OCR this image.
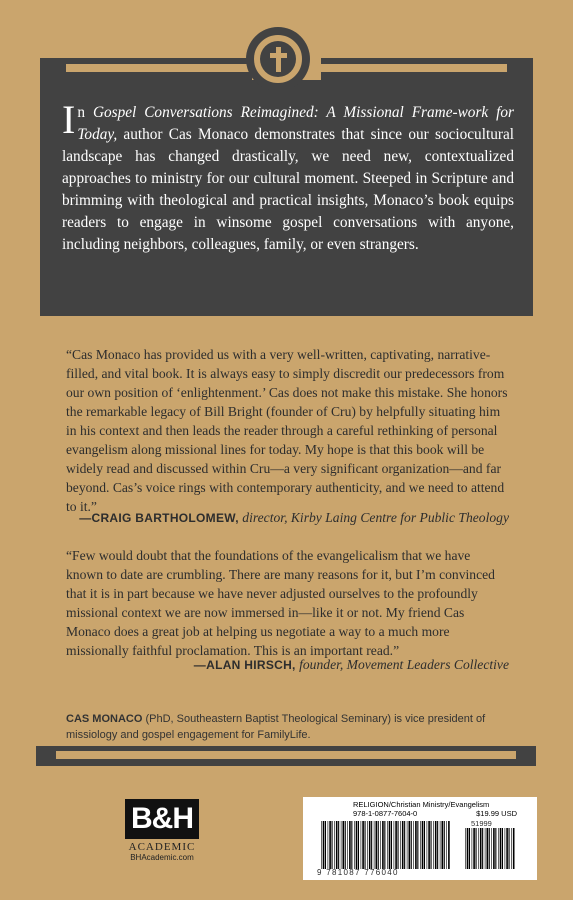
In Gospel Conversations Reimagined: A Missional Frame-work for Today, author Cas Monaco demonstrates that since our sociocultural landscape has changed drastically, we need new, contextualized approaches to ministry for our cultural moment. Steeped in Scripture and brimming with theological and practical insights, Monaco’s book equips readers to engage in winsome gospel conversations with anyone, including neighbors, colleagues, family, or even strangers.

“Cas Monaco has provided us with a very well-written, captivating, narrative-filled, and vital book. It is always easy to simply discredit our predecessors from our own position of ‘enlightenment.’ Cas does not make this mistake. She honors the remarkable legacy of Bill Bright (founder of Cru) by helpfully situating him in his context and then leads the reader through a careful rethinking of personal evangelism along missional lines for today. My hope is that this book will be widely read and discussed within Cru—a very significant organization—and far beyond. Cas’s voice rings with contemporary authenticity, and we need to attend to it.”

—CRAIG BARTHOLOMEW, director, Kirby Laing Centre for Public Theology

“Few would doubt that the foundations of the evangelicalism that we have known to date are crumbling. There are many reasons for it, but I’m convinced that it is in part because we have never adjusted ourselves to the profoundly missional context we are now immersed in—like it or not. My friend Cas Monaco does a great job at helping us negotiate a way to a much more missionally faithful proclamation. This is an important read.”

—ALAN HIRSCH, founder, Movement Leaders Collective

CAS MONACO (PhD, Southeastern Baptist Theological Seminary) is vice president of missiology and gospel engagement for FamilyLife.

B&H
ACADEMIC
BHAcademic.com
RELIGION/Christian Ministry/Evangelism
978-1-0877-7604-0	$19.99 USD
51999
9 781087 776040
